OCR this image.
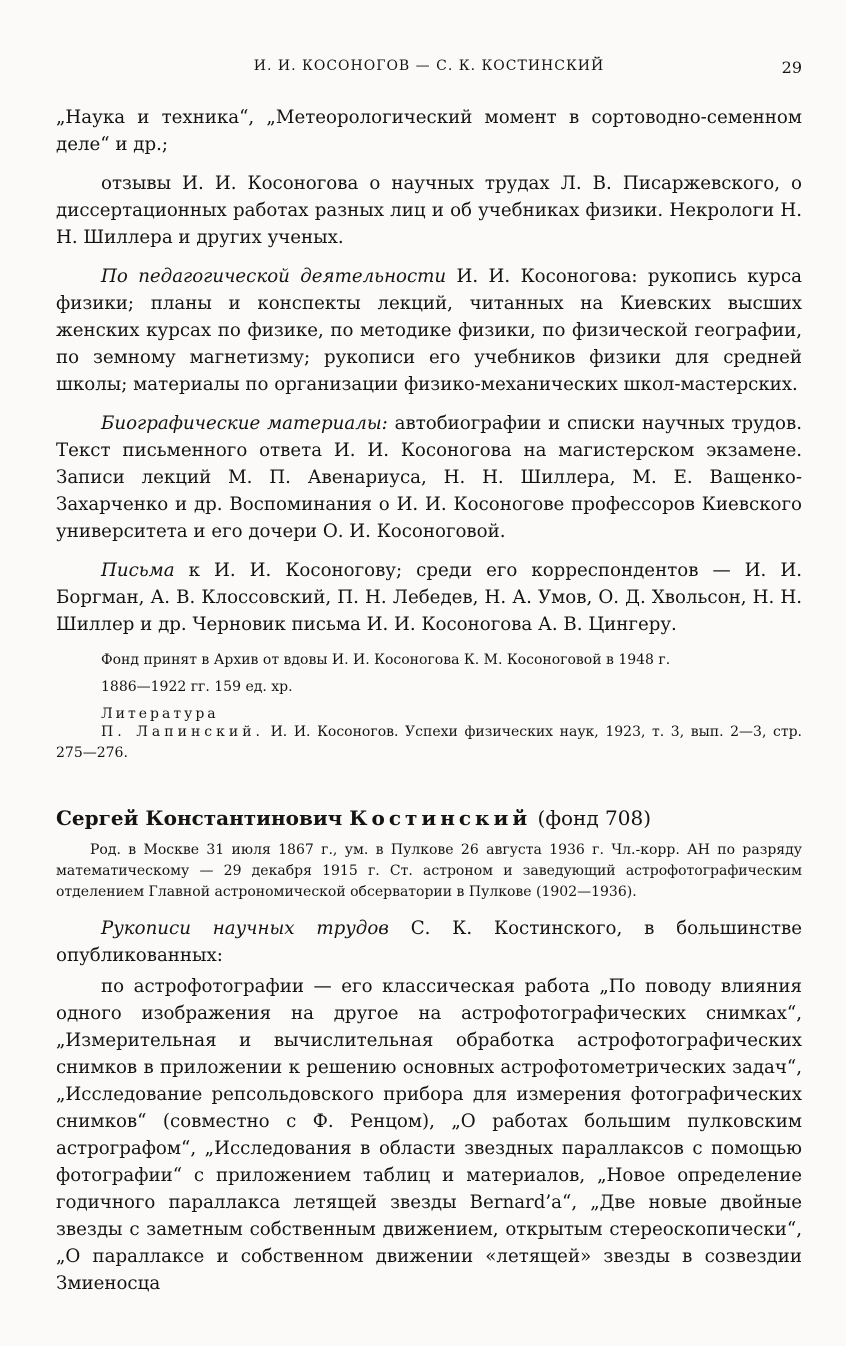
И. И. КОСОНОГОВ — С. К. КОСТИНСКИЙ	29

„Наука и техника“, „Метеорологический момент в сортоводно-семенном деле“ и др.;

отзывы И. И. Косоногова о научных трудах Л. В. Писаржевского, о диссертационных работах разных лиц и об учебниках физики. Некрологи Н. Н. Шиллера и других ученых.

По педагогической деятельности И. И. Косоногова: рукопись курса физики; планы и конспекты лекций, читанных на Киевских высших женских курсах по физике, по методике физики, по физической географии, по земному магнетизму; рукописи его учебников физики для средней школы; материалы по организации физико-механических школ-мастерских.

Биографические материалы: автобиографии и списки научных трудов. Текст письменного ответа И. И. Косоногова на магистерском экзамене. Записи лекций М. П. Авенариуса, Н. Н. Шиллера, М. Е. Ващенко-Захарченко и др. Воспоминания о И. И. Косоногове профессоров Киевского университета и его дочери О. И. Косоноговой.

Письма к И. И. Косоногову; среди его корреспондентов — И. И. Боргман, А. В. Клоссовский, П. Н. Лебедев, Н. А. Умов, О. Д. Хвольсон, Н. Н. Шиллер и др. Черновик письма И. И. Косоногова А. В. Цингеру.

Фонд принят в Архив от вдовы И. И. Косоногова К. М. Косоноговой в 1948 г.

1886—1922 гг. 159 ед. хр.

Литература

П. Лапинский. И. И. Косоногов. Успехи физических наук, 1923, т. 3, вып. 2—3, стр. 275—276.

Сергей Константинович Костинский (фонд 708)

Род. в Москве 31 июля 1867 г., ум. в Пулкове 26 августа 1936 г. Чл.-корр. АН по разряду математическому — 29 декабря 1915 г. Ст. астроном и заведующий астрофотографическим отделением Главной астрономической обсерватории в Пулкове (1902—1936).

Рукописи научных трудов С. К. Костинского, в большинстве опубликованных:

по астрофотографии — его классическая работа „По поводу влияния одного изображения на другое на астрофотографических снимках“, „Измерительная и вычислительная обработка астрофотографических снимков в приложении к решению основных астрофотометрических задач“, „Исследование репсольдовского прибора для измерения фотографических снимков“ (совместно с Ф. Ренцом), „О работах большим пулковским астрографом“, „Исследования в области звездных параллаксов с помощью фотографии“ с приложением таблиц и материалов, „Новое определение годичного параллакса летящей звезды Bernard’a“, „Две новые двойные звезды с заметным собственным движением, открытым стереоскопически“, „О параллаксе и собственном движении «летящей» звезды в созвездии Змиеносца
